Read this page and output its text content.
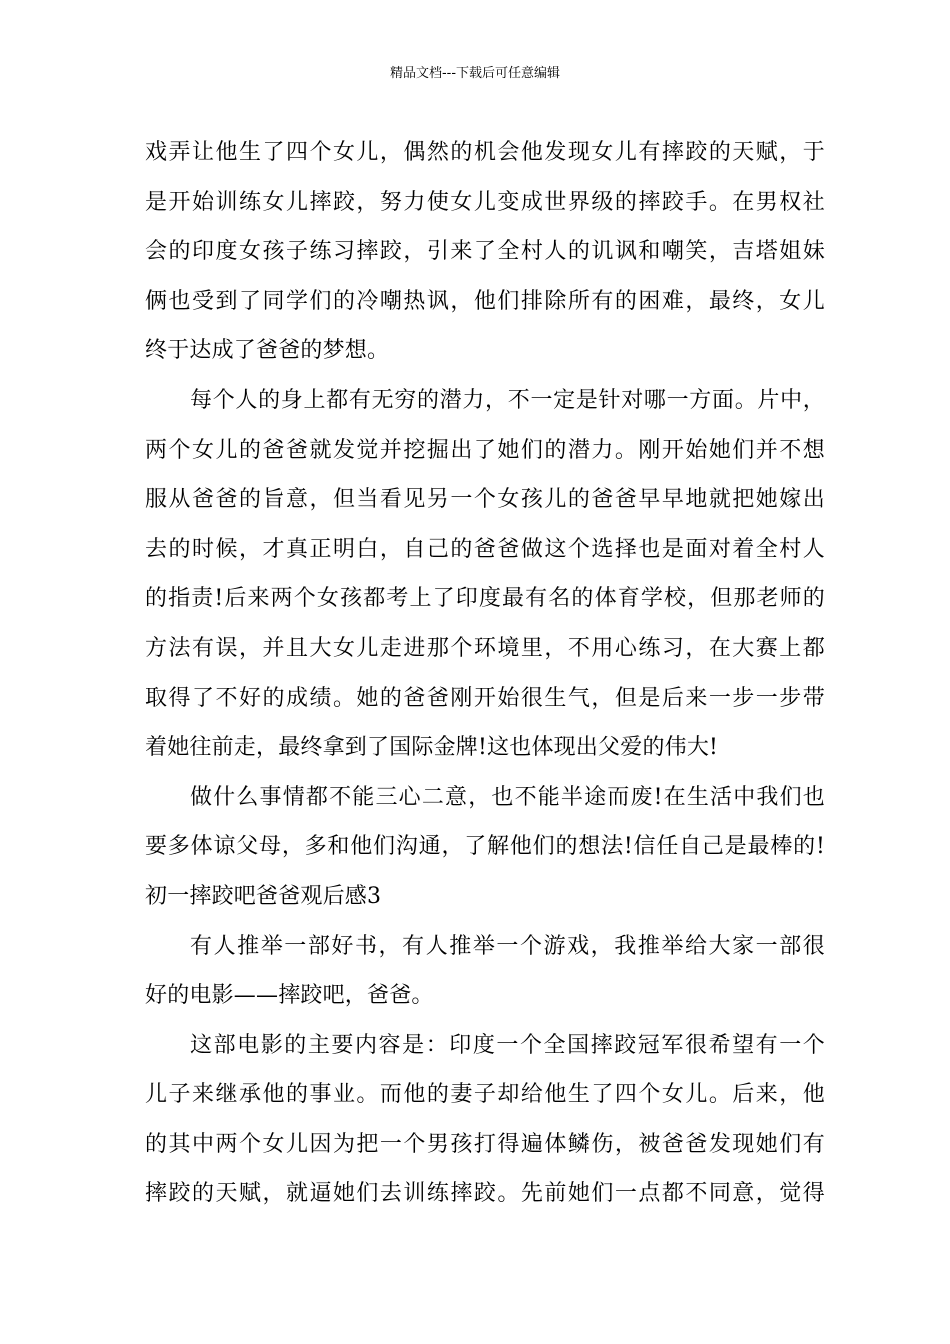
精品文档---下载后可任意编辑
戏弄让他生了四个女儿，偶然的机会他发现女儿有摔跤的天赋，于
是开始训练女儿摔跤，努力使女儿变成世界级的摔跤手。在男权社
会的印度女孩子练习摔跤，引来了全村人的讥讽和嘲笑，吉塔姐妹
俩也受到了同学们的冷嘲热讽，他们排除所有的困难，最终，女儿
终于达成了爸爸的梦想。
每个人的身上都有无穷的潜力，不一定是针对哪一方面。片中，
两个女儿的爸爸就发觉并挖掘出了她们的潜力。刚开始她们并不想
服从爸爸的旨意，但当看见另一个女孩儿的爸爸早早地就把她嫁出
去的时候，才真正明白，自己的爸爸做这个选择也是面对着全村人
的指责!后来两个女孩都考上了印度最有名的体育学校，但那老师的
方法有误，并且大女儿走进那个环境里，不用心练习，在大赛上都
取得了不好的成绩。她的爸爸刚开始很生气，但是后来一步一步带
着她往前走，最终拿到了国际金牌!这也体现出父爱的伟大!
做什么事情都不能三心二意，也不能半途而废!在生活中我们也
要多体谅父母，多和他们沟通，了解他们的想法!信任自己是最棒的!
初一摔跤吧爸爸观后感3
有人推举一部好书，有人推举一个游戏，我推举给大家一部很
好的电影——摔跤吧，爸爸。
这部电影的主要内容是：印度一个全国摔跤冠军很希望有一个
儿子来继承他的事业。而他的妻子却给他生了四个女儿。后来，他
的其中两个女儿因为把一个男孩打得遍体鳞伤，被爸爸发现她们有
摔跤的天赋，就逼她们去训练摔跤。先前她们一点都不同意，觉得
